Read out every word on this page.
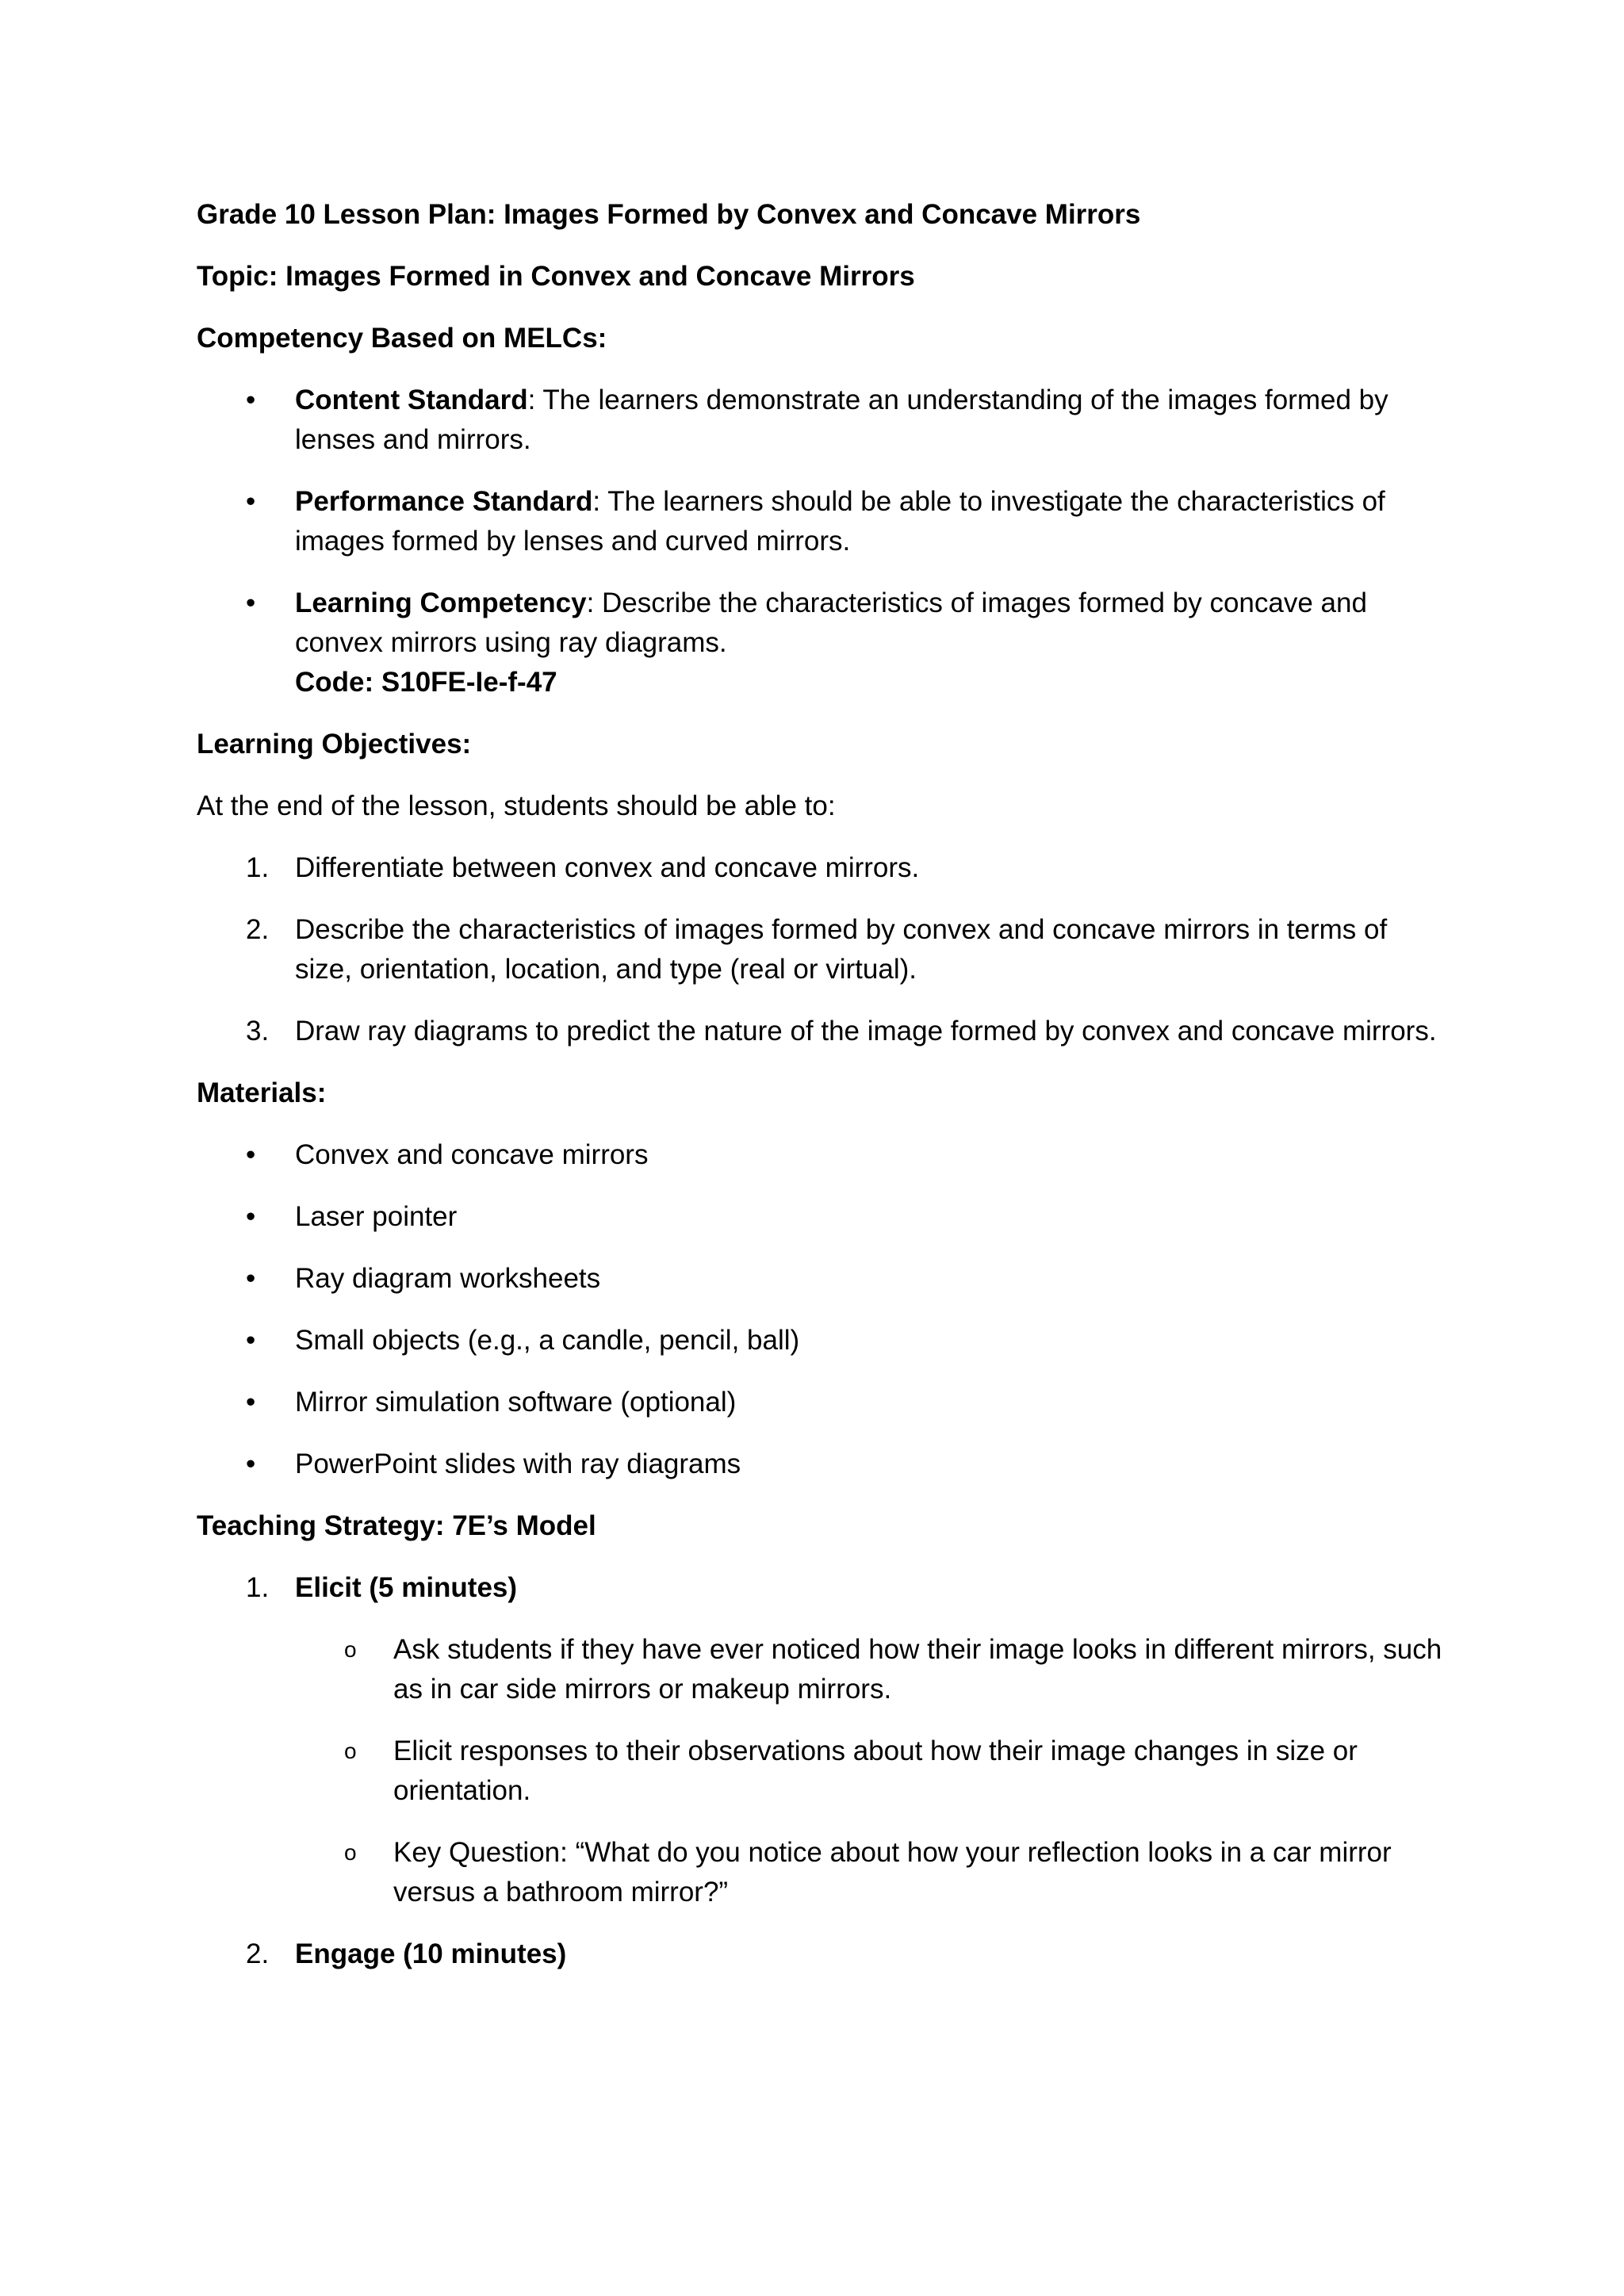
Grade 10 Lesson Plan: Images Formed by Convex and Concave Mirrors

Topic: Images Formed in Convex and Concave Mirrors

Competency Based on MELCs:

• Content Standard: The learners demonstrate an understanding of the images formed by lenses and mirrors.
• Performance Standard: The learners should be able to investigate the characteristics of images formed by lenses and curved mirrors.
• Learning Competency: Describe the characteristics of images formed by concave and convex mirrors using ray diagrams.
Code: S10FE-Ie-f-47

Learning Objectives:

At the end of the lesson, students should be able to:

1. Differentiate between convex and concave mirrors.
2. Describe the characteristics of images formed by convex and concave mirrors in terms of size, orientation, location, and type (real or virtual).
3. Draw ray diagrams to predict the nature of the image formed by convex and concave mirrors.

Materials:

• Convex and concave mirrors
• Laser pointer
• Ray diagram worksheets
• Small objects (e.g., a candle, pencil, ball)
• Mirror simulation software (optional)
• PowerPoint slides with ray diagrams

Teaching Strategy: 7E’s Model

1. Elicit (5 minutes)
o Ask students if they have ever noticed how their image looks in different mirrors, such as in car side mirrors or makeup mirrors.
o Elicit responses to their observations about how their image changes in size or orientation.
o Key Question: “What do you notice about how your reflection looks in a car mirror versus a bathroom mirror?”
2. Engage (10 minutes)
